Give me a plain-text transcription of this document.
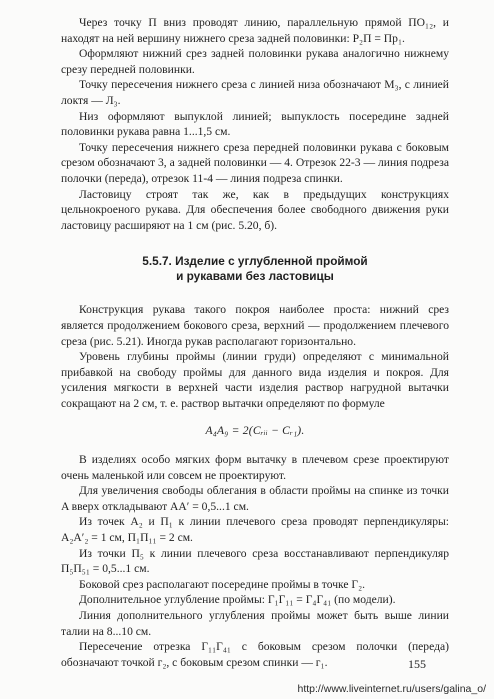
Через точку П вниз проводят линию, параллельную прямой ПО₁₂, и находят на ней вершину нижнего среза задней половинки: P₂П = Пр₁.

Оформляют нижний срез задней половинки рукава аналогично нижнему срезу передней половинки.

Точку пересечения нижнего среза с линией низа обозначают M₃, с линией локтя — Л₃.

Низ оформляют выпуклой линией; выпуклость посередине задней половинки рукава равна 1...1,5 см.

Точку пересечения нижнего среза передней половинки рукава с боковым срезом обозначают 3, а задней половинки — 4. Отрезок 22-3 — линия подреза полочки (переда), отрезок 11-4 — линия подреза спинки.

Ластовицу строят так же, как в предыдущих конструкциях цельнокроеного рукава. Для обеспечения более свободного движения руки ластовицу расширяют на 1 см (рис. 5.20, б).

5.5.7. Изделие с углубленной проймой
и рукавами без ластовицы

Конструкция рукава такого покроя наиболее проста: нижний срез является продолжением бокового среза, верхний — продолжением плечевого среза (рис. 5.21). Иногда рукав располагают горизонтально.

Уровень глубины проймы (линии груди) определяют с минимальной прибавкой на свободу проймы для данного вида изделия и покроя. Для усиления мягкости в верхней части изделия раствор нагрудной вытачки сокращают на 2 см, т. е. раствор вытачки определяют по формуле

A₄A₉ = 2(Cᵣᵢᵢ − Cᵣ₁).

В изделиях особо мягких форм вытачку в плечевом срезе проектируют очень маленькой или совсем не проектируют.

Для увеличения свободы облегания в области проймы на спинке из точки A вверх откладывают AA′ = 0,5...1 см.

Из точек A₂ и П₁ к линии плечевого среза проводят перпендикуляры: A₂A′₂ = 1 см, П₁П₁₁ = 2 см.

Из точки П₅ к линии плечевого среза восстанавливают перпендикуляр П₅П₅₁ = 0,5...1 см.

Боковой срез располагают посередине проймы в точке Г₂.

Дополнительное углубление проймы: Г₁Г₁₁ = Г₄Г₄₁ (по модели).

Линия дополнительного углубления проймы может быть выше линии талии на 8...10 см.

Пересечение отрезка Г₁₁Г₄₁ с боковым срезом полочки (переда) обозначают точкой г₂, с боковым срезом спинки — г₁.	155
http://www.liveinternet.ru/users/galina_o/
